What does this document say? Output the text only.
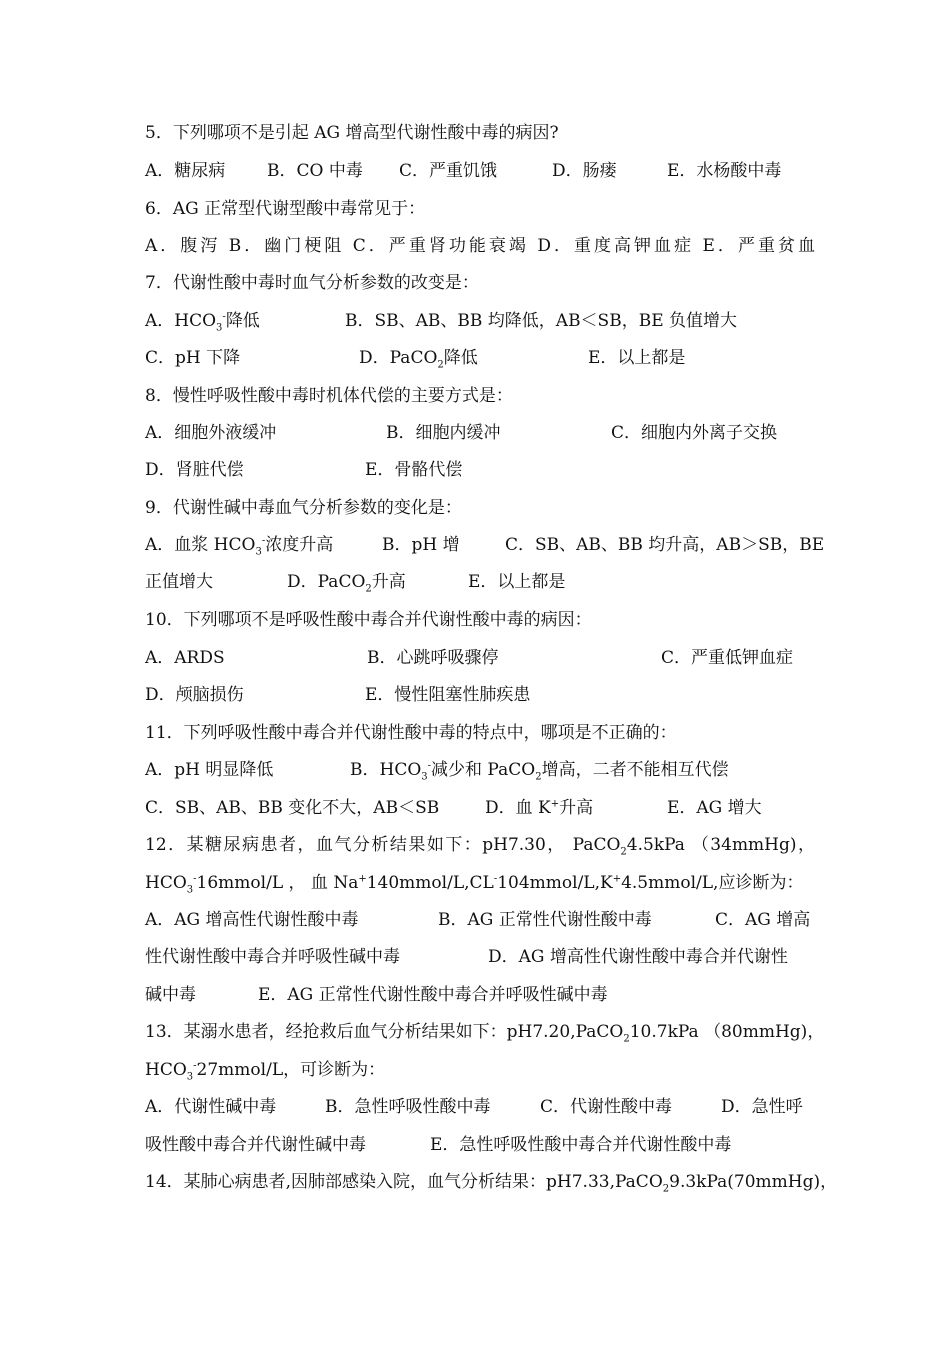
5．下列哪项不是引起 AG 增高型代谢性酸中毒的病因?
A．糖尿病 B．CO 中毒 C．严重饥饿	D．肠瘘	E．水杨酸中毒
6．AG 正常型代谢型酸中毒常见于：
A．腹泻 B．幽门梗阻 C．严重肾功能衰竭 D．重度高钾血症 E．严重贫血
7．代谢性酸中毒时血气分析参数的改变是：
A．$HCO_3^-$降低	B．SB、AB、BB 均降低，AB＜SB，BE 负值增大
C．pH 下降	D．PaCO$_2$降低	E．以上都是
8．慢性呼吸性酸中毒时机体代偿的主要方式是：
A．细胞外液缓冲	B．细胞内缓冲	C．细胞内外离子交换
D．肾脏代偿	E．骨骼代偿
9．代谢性碱中毒血气分析参数的变化是：
A．血浆 $HCO_3^-$浓度升高	B．pH 增	C．SB、AB、BB 均升高，AB＞SB，BE
正值增大	D．PaCO$_2$升高	E．以上都是
10．下列哪项不是呼吸性酸中毒合并代谢性酸中毒的病因：
A．ARDS	B．心跳呼吸骤停	C．严重低钾血症
D．颅脑损伤	E．慢性阻塞性肺疾患
11．下列呼吸性酸中毒合并代谢性酸中毒的特点中，哪项是不正确的：
A．pH 明显降低	B．$HCO_3^-$减少和 PaCO$_2$增高，二者不能相互代偿
C．SB、AB、BB 变化不大，AB＜SB	D．血 K+升高	E．AG 增大
12．某糖尿病患者，血气分析结果如下：pH7.30， PaCO$_2$4.5kPa （34mmHg)，
$HCO_3^-16mmol/L$ ， 血 Na+140mmol/L,CL-104mmol/L,K+4.5mmol/L,应诊断为：
A．AG 增高性代谢性酸中毒	B．AG 正常性代谢性酸中毒	C．AG 增高
性代谢性酸中毒合并呼吸性碱中毒	D．AG 增高性代谢性酸中毒合并代谢性
碱中毒	E．AG 正常性代谢性酸中毒合并呼吸性碱中毒
13．某溺水患者，经抢救后血气分析结果如下：pH7.20,PaCO$_2$10.7kPa （80mmHg)，
$HCO_3^-27mmol/L$，可诊断为：
A．代谢性碱中毒	B．急性呼吸性酸中毒	C．代谢性酸中毒	D．急性呼
吸性酸中毒合并代谢性碱中毒	E．急性呼吸性酸中毒合并代谢性酸中毒
14．某肺心病患者,因肺部感染入院，血气分析结果：pH7.33,PaCO$_2$9.3kPa(70mmHg)，
